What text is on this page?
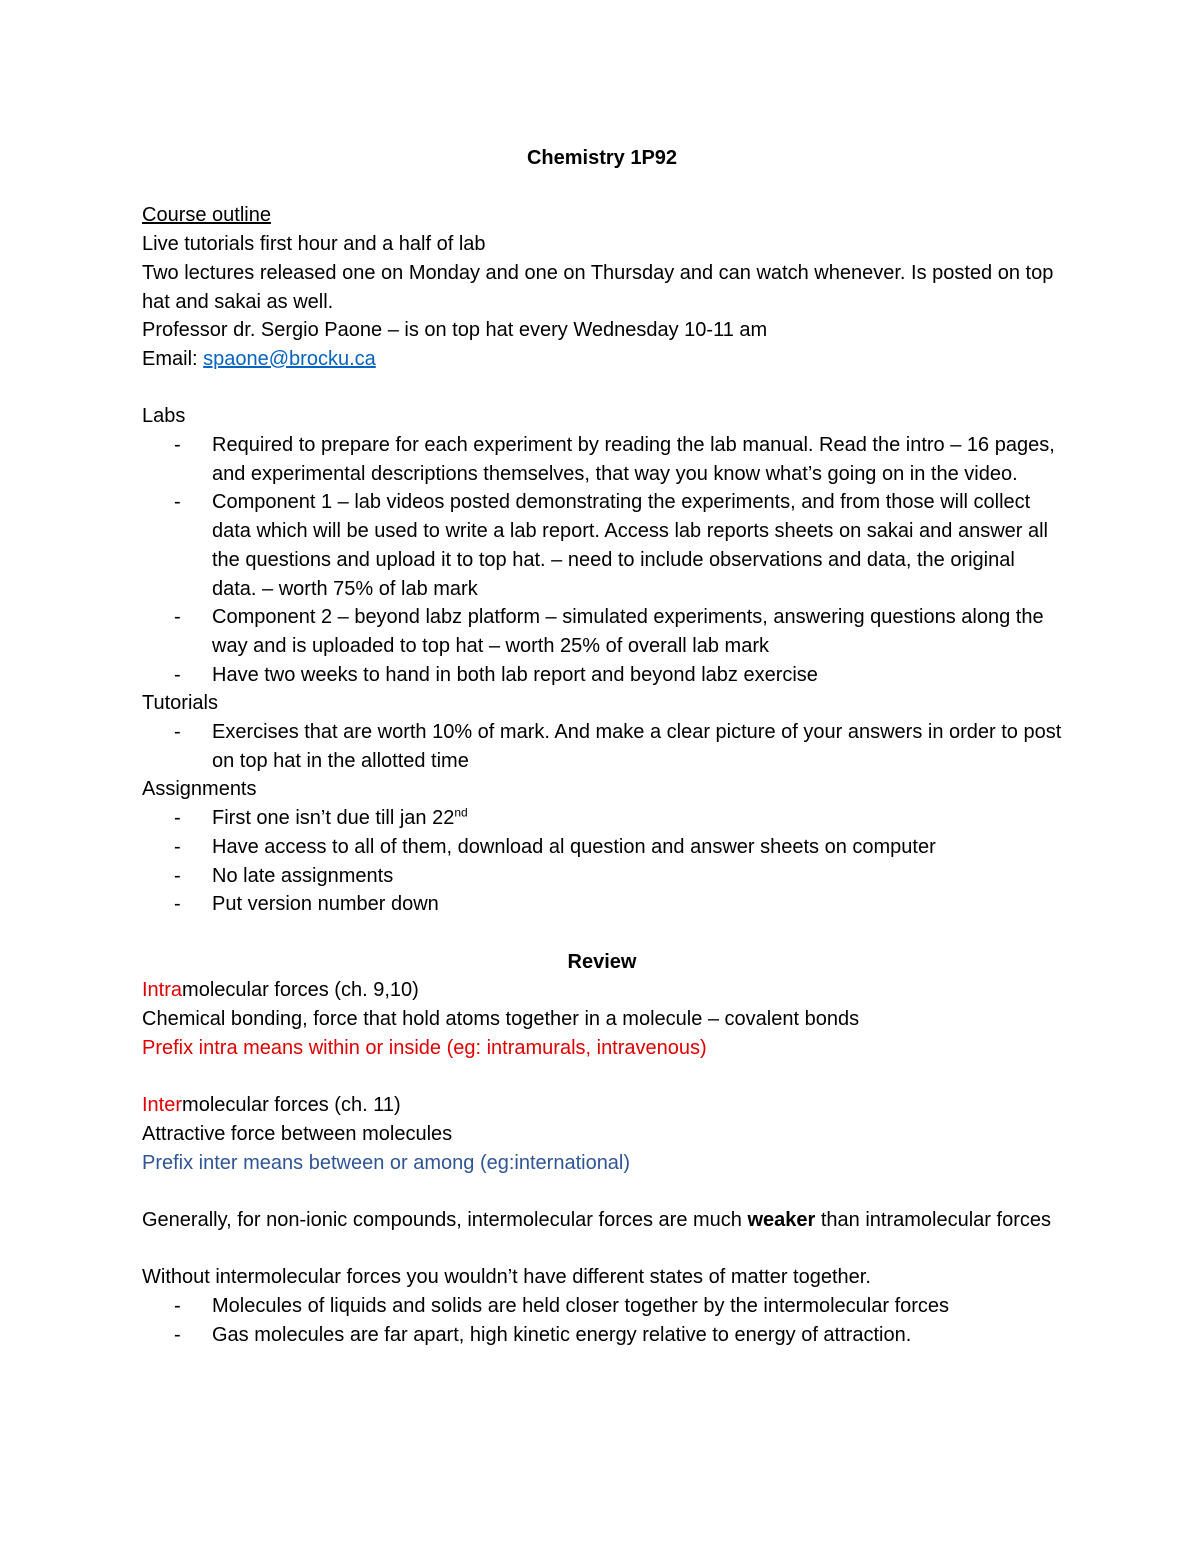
Chemistry 1P92

Course outline

Live tutorials first hour and a half of lab

Two lectures released one on Monday and one on Thursday and can watch whenever. Is posted on top hat and sakai as well.

Professor dr. Sergio Paone – is on top hat every Wednesday 10-11 am

Email: spaone@brocku.ca

Labs

- Required to prepare for each experiment by reading the lab manual. Read the intro – 16 pages, and experimental descriptions themselves, that way you know what’s going on in the video.
- Component 1 – lab videos posted demonstrating the experiments, and from those will collect data which will be used to write a lab report. Access lab reports sheets on sakai and answer all the questions and upload it to top hat. – need to include observations and data, the original data. – worth 75% of lab mark
- Component 2 – beyond labz platform – simulated experiments, answering questions along the way and is uploaded to top hat – worth 25% of overall lab mark
- Have two weeks to hand in both lab report and beyond labz exercise

Tutorials

- Exercises that are worth 10% of mark. And make a clear picture of your answers in order to post on top hat in the allotted time

Assignments

- First one isn’t due till jan 22nd
- Have access to all of them, download al question and answer sheets on computer
- No late assignments
- Put version number down

Review

Intramolecular forces (ch. 9,10)

Chemical bonding, force that hold atoms together in a molecule – covalent bonds

Prefix intra means within or inside (eg: intramurals, intravenous)

Intermolecular forces (ch. 11)

Attractive force between molecules

Prefix inter means between or among (eg:international)

Generally, for non-ionic compounds, intermolecular forces are much weaker than intramolecular forces

Without intermolecular forces you wouldn’t have different states of matter together.

- Molecules of liquids and solids are held closer together by the intermolecular forces
- Gas molecules are far apart, high kinetic energy relative to energy of attraction.
